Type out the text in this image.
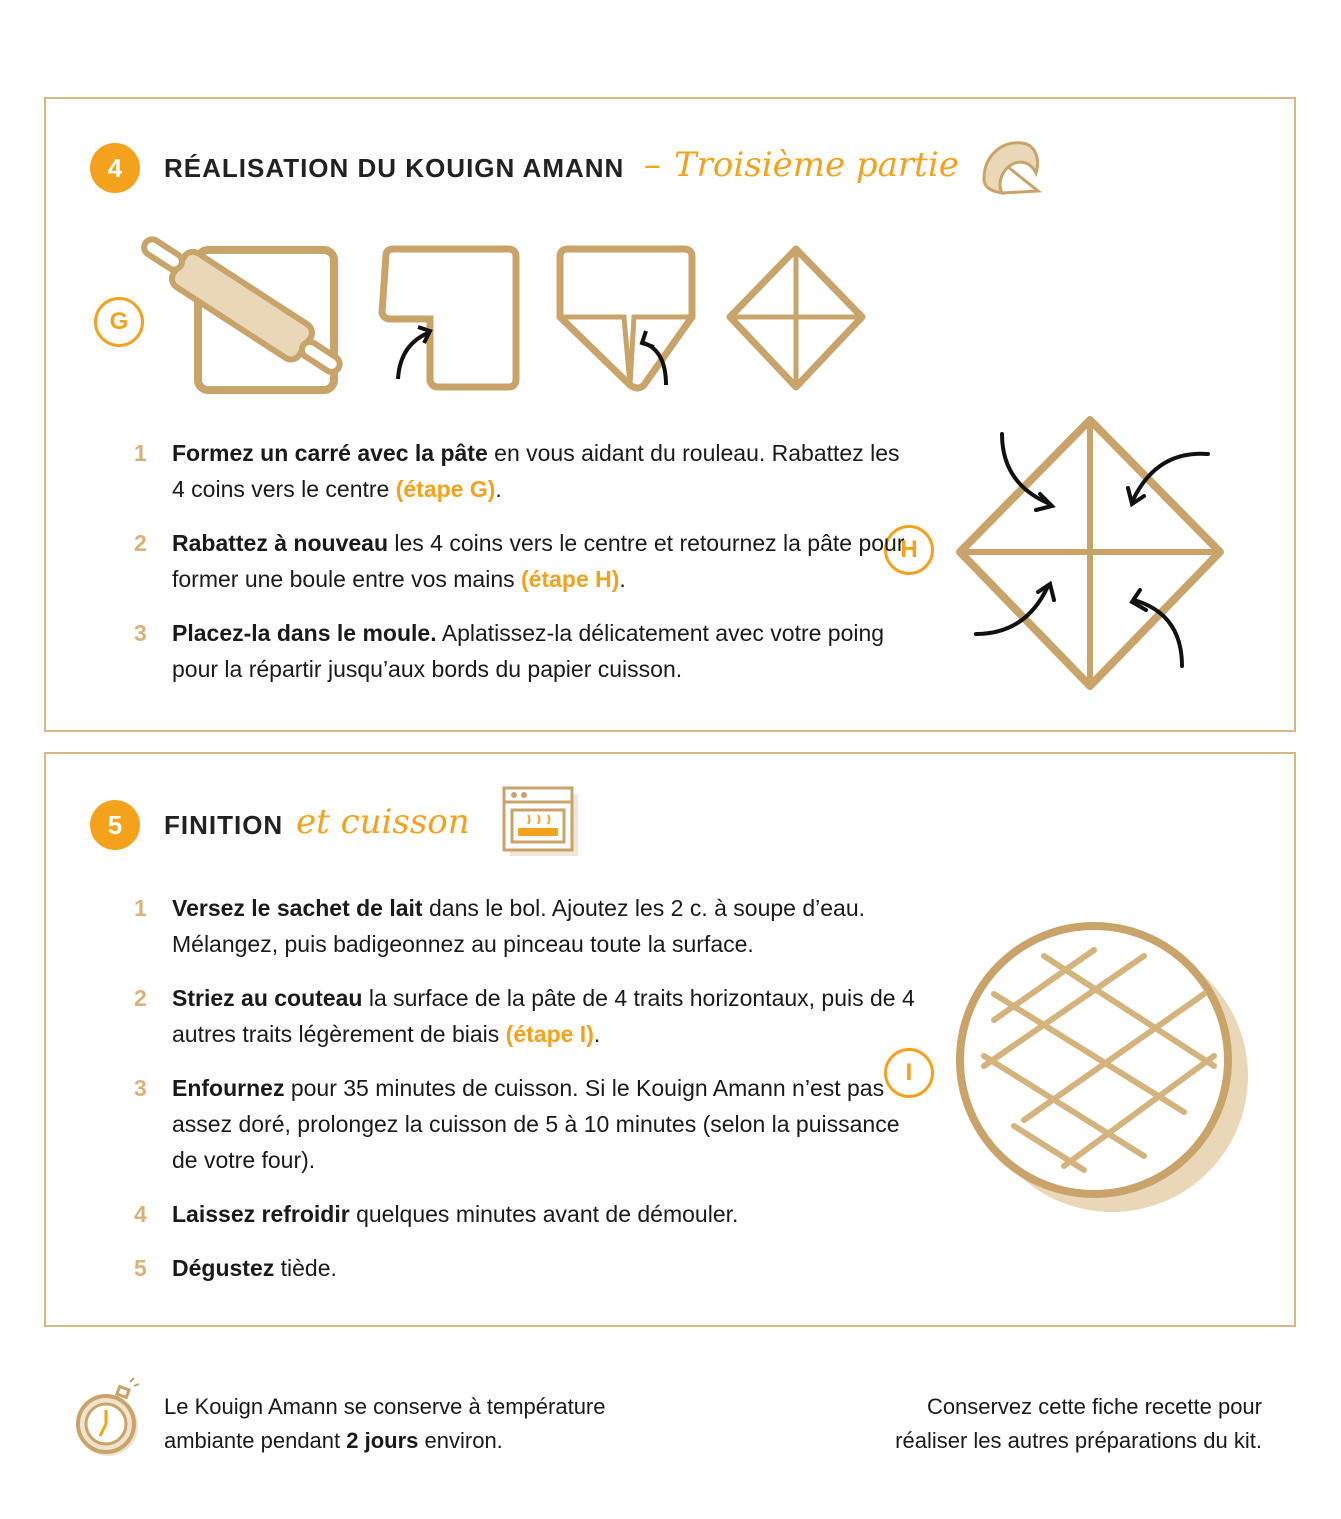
4	RÉALISATION DU KOUIGN AMANN – Troisième partie
G
H
1 Formez un carré avec la pâte en vous aidant du rouleau. Rabattez les 4 coins vers le centre (étape G).
2 Rabattez à nouveau les 4 coins vers le centre et retournez la pâte pour former une boule entre vos mains (étape H).
3 Placez-la dans le moule. Aplatissez-la délicatement avec votre poing pour la répartir jusqu’aux bords du papier cuisson.
5	FINITION et cuisson
I
1 Versez le sachet de lait dans le bol. Ajoutez les 2 c. à soupe d’eau. Mélangez, puis badigeonnez au pinceau toute la surface.
2 Striez au couteau la surface de la pâte de 4 traits horizontaux, puis de 4 autres traits légèrement de biais (étape I).
3 Enfournez pour 35 minutes de cuisson. Si le Kouign Amann n’est pas assez doré, prolongez la cuisson de 5 à 10 minutes (selon la puissance de votre four).
4 Laissez refroidir quelques minutes avant de démouler.
5 Dégustez tiède.
Le Kouign Amann se conserve à température ambiante pendant 2 jours environ.
Conservez cette fiche recette pour réaliser les autres préparations du kit.
